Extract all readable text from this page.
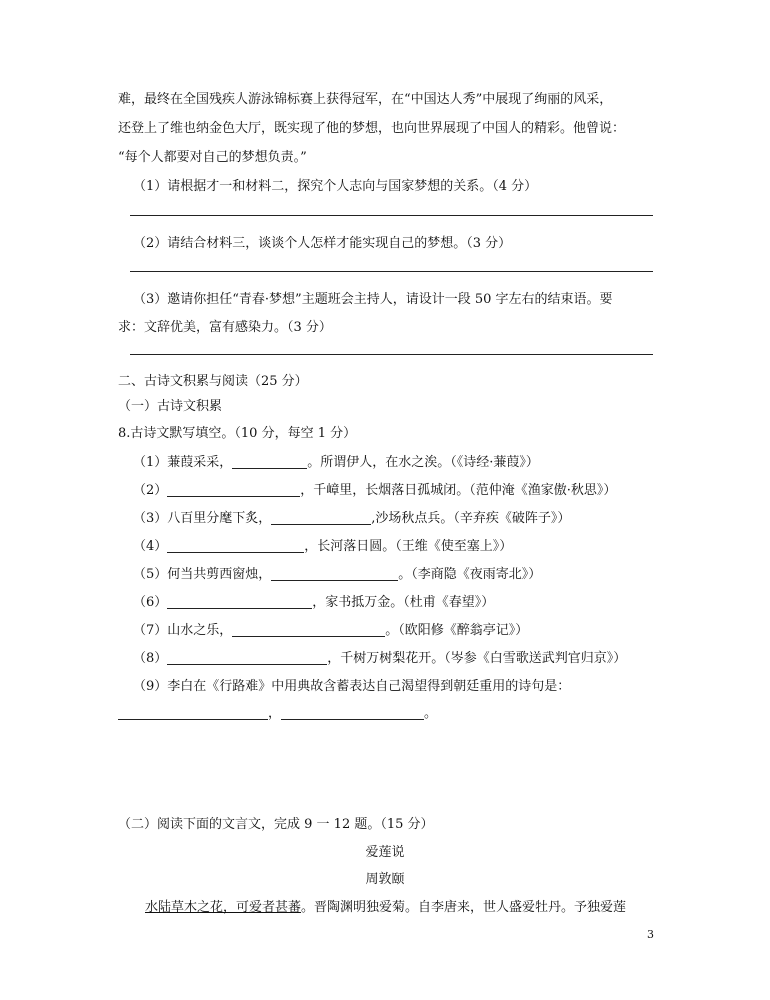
难，最终在全国残疾人游泳锦标赛上获得冠军，在“中国达人秀”中展现了绚丽的风采，
还登上了维也纳金色大厅，既实现了他的梦想，也向世界展现了中国人的精彩。他曾说：
“每个人都要对自己的梦想负责。”
（1）请根据才一和材料二，探究个人志向与国家梦想的关系。（4 分）
（2）请结合材料三，谈谈个人怎样才能实现自己的梦想。（3 分）
（3）邀请你担任“青春·梦想”主题班会主持人，请设计一段 50 字左右的结束语。要
求：文辞优美，富有感染力。（3 分）
二、古诗文积累与阅读（25 分）
（一）古诗文积累
8.古诗文默写填空。（10 分，每空 1 分）
（1）蒹葭采采，	。所谓伊人，在水之涘。（《诗经·蒹葭》）
（2）	，千嶂里，长烟落日孤城闭。（范仲淹《渔家傲·秋思》）
（3）八百里分麾下炙，	,沙场秋点兵。（辛弃疾《破阵子》）
（4）	，长河落日圆。（王维《使至塞上》）
（5）何当共剪西窗烛，	。（李商隐《夜雨寄北》）
（6）	，家书抵万金。（杜甫《春望》）
（7）山水之乐，	。（欧阳修《醉翁亭记》）
（8）	，千树万树梨花开。（岑参《白雪歌送武判官归京》）
（9）李白在《行路难》中用典故含蓄表达自己渴望得到朝廷重用的诗句是：
，	。
（二）阅读下面的文言文，完成 9 一 12 题。（15 分）
爱莲说
周敦颐
水陆草木之花，可爱者甚蕃。晋陶渊明独爱菊。自李唐来，世人盛爱牡丹。予独爱莲
3
